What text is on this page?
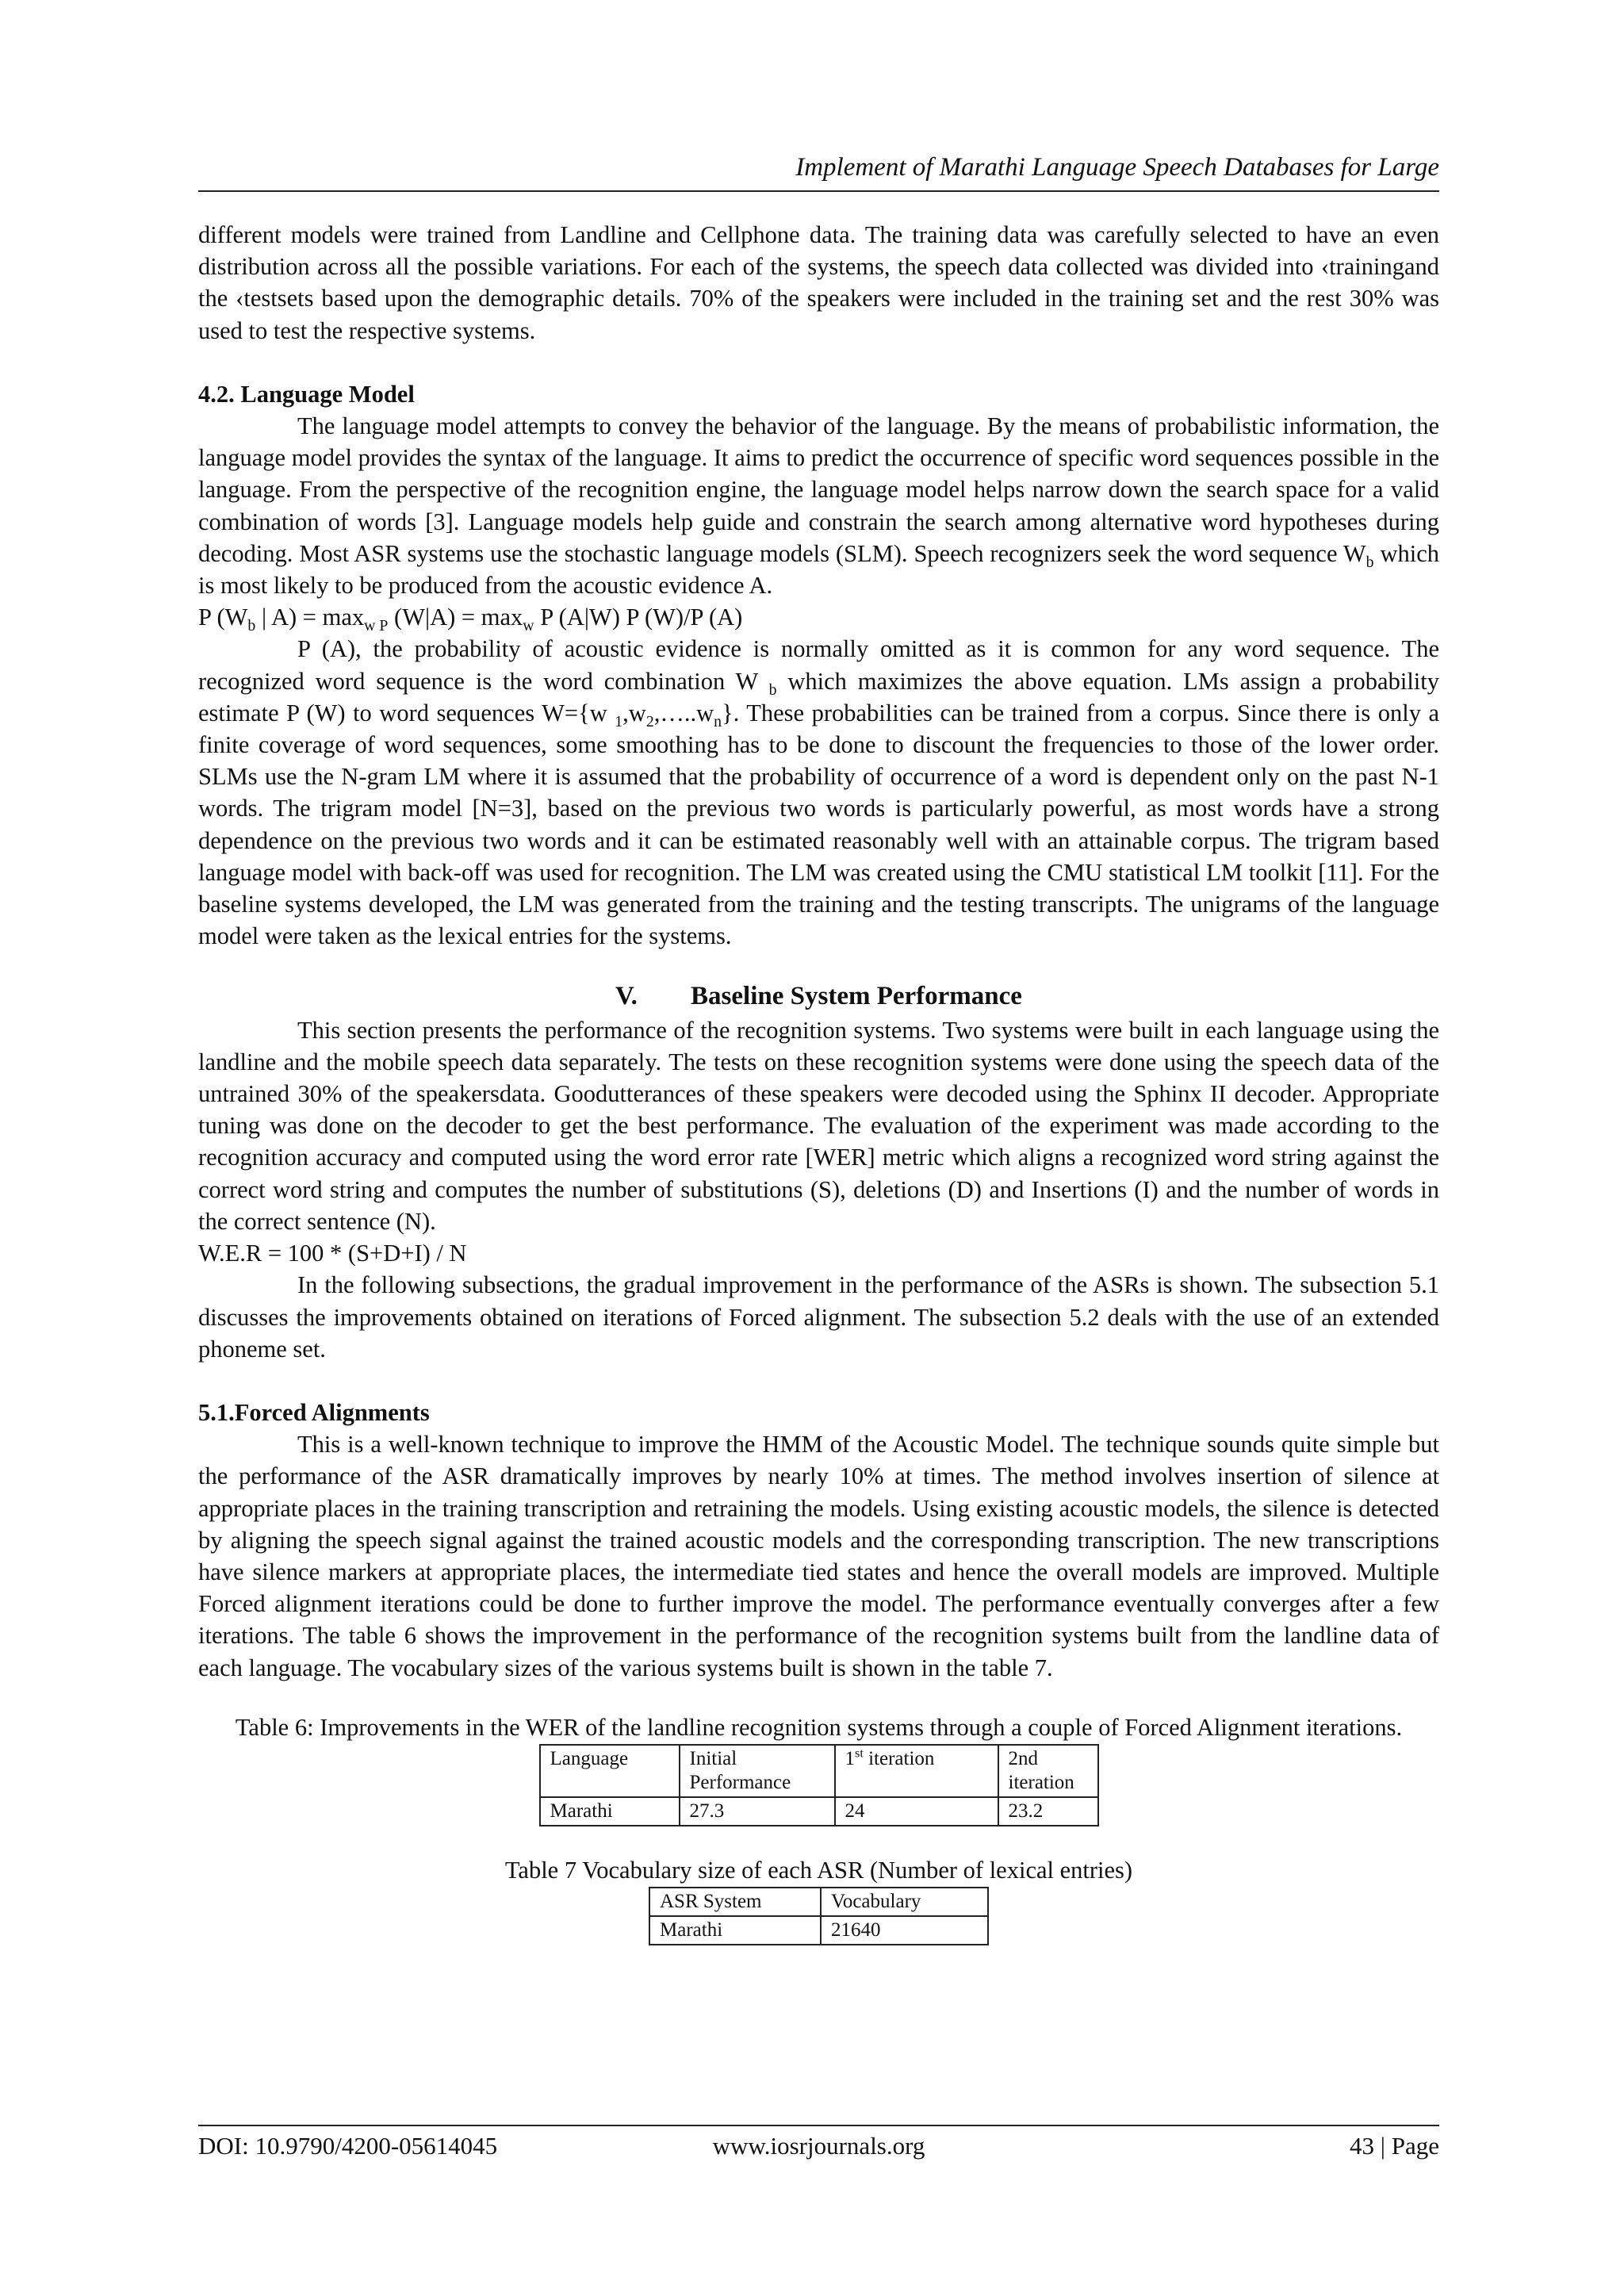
Implement of Marathi Language Speech Databases for Large

different models were trained from Landline and Cellphone data. The training data was carefully selected to have an even distribution across all the possible variations. For each of the systems, the speech data collected was divided into ‹trainingand the ‹testsets based upon the demographic details. 70% of the speakers were included in the training set and the rest 30% was used to test the respective systems.

4.2. Language Model

The language model attempts to convey the behavior of the language. By the means of probabilistic information, the language model provides the syntax of the language. It aims to predict the occurrence of specific word sequences possible in the language. From the perspective of the recognition engine, the language model helps narrow down the search space for a valid combination of words [3]. Language models help guide and constrain the search among alternative word hypotheses during decoding. Most ASR systems use the stochastic language models (SLM). Speech recognizers seek the word sequence $W_b$ which is most likely to be produced from the acoustic evidence A.

P ($W_b$ | $A) = \max_{w P} (W|A) = \max_w P$ (A|W) P (W)/P (A)

P (A), the probability of acoustic evidence is normally omitted as it is common for any word sequence. The recognized word sequence is the word combination W $_b$ which maximizes the above equation. LMs assign a probability estimate P (W) to word sequences W={w $_1,w_2,\dots..w_n$}. These probabilities can be trained from a corpus. Since there is only a finite coverage of word sequences, some smoothing has to be done to discount the frequencies to those of the lower order. SLMs use the N-gram LM where it is assumed that the probability of occurrence of a word is dependent only on the past N-1 words. The trigram model [N=3], based on the previous two words is particularly powerful, as most words have a strong dependence on the previous two words and it can be estimated reasonably well with an attainable corpus. The trigram based language model with back-off was used for recognition. The LM was created using the CMU statistical LM toolkit [11]. For the baseline systems developed, the LM was generated from the training and the testing transcripts. The unigrams of the language model were taken as the lexical entries for the systems.

V. Baseline System Performance

This section presents the performance of the recognition systems. Two systems were built in each language using the landline and the mobile speech data separately. The tests on these recognition systems were done using the speech data of the untrained 30% of the speakersdata. Goodutterances of these speakers were decoded using the Sphinx II decoder. Appropriate tuning was done on the decoder to get the best performance. The evaluation of the experiment was made according to the recognition accuracy and computed using the word error rate [WER] metric which aligns a recognized word string against the correct word string and computes the number of substitutions (S), deletions (D) and Insertions (I) and the number of words in the correct sentence (N).

W.E.R = 100 * (S+D+I) / N

In the following subsections, the gradual improvement in the performance of the ASRs is shown. The subsection 5.1 discusses the improvements obtained on iterations of Forced alignment. The subsection 5.2 deals with the use of an extended phoneme set.

5.1.Forced Alignments

This is a well-known technique to improve the HMM of the Acoustic Model. The technique sounds quite simple but the performance of the ASR dramatically improves by nearly 10% at times. The method involves insertion of silence at appropriate places in the training transcription and retraining the models. Using existing acoustic models, the silence is detected by aligning the speech signal against the trained acoustic models and the corresponding transcription. The new transcriptions have silence markers at appropriate places, the intermediate tied states and hence the overall models are improved. Multiple Forced alignment iterations could be done to further improve the model. The performance eventually converges after a few iterations. The table 6 shows the improvement in the performance of the recognition systems built from the landline data of each language. The vocabulary sizes of the various systems built is shown in the table 7.

Table 6: Improvements in the WER of the landline recognition systems through a couple of Forced Alignment iterations.
Language	Initial Performance	1st iteration	2nd iteration
Marathi	27.3	24	23.2
Table 7 Vocabulary size of each ASR (Number of lexical entries)
ASR System	Vocabulary
Marathi	21640
DOI: 10.9790/4200-05614045	www.iosrjournals.org	43 | Page
